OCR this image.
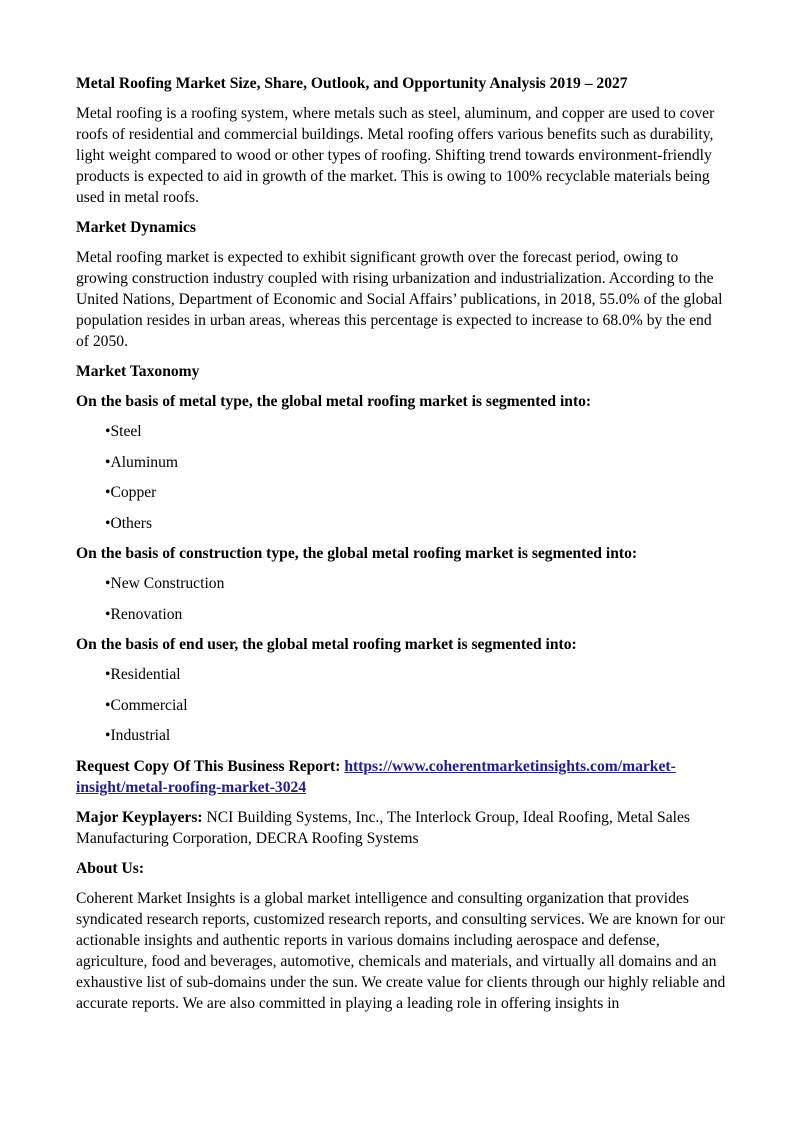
Metal Roofing Market Size, Share, Outlook, and Opportunity Analysis 2019 – 2027

Metal roofing is a roofing system, where metals such as steel, aluminum, and copper are used to cover roofs of residential and commercial buildings. Metal roofing offers various benefits such as durability, light weight compared to wood or other types of roofing. Shifting trend towards environment-friendly products is expected to aid in growth of the market. This is owing to 100% recyclable materials being used in metal roofs.

Market Dynamics

Metal roofing market is expected to exhibit significant growth over the forecast period, owing to growing construction industry coupled with rising urbanization and industrialization. According to the United Nations, Department of Economic and Social Affairs’ publications, in 2018, 55.0% of the global population resides in urban areas, whereas this percentage is expected to increase to 68.0% by the end of 2050.

Market Taxonomy
On the basis of metal type, the global metal roofing market is segmented into:
•Steel
•Aluminum
•Copper
•Others
On the basis of construction type, the global metal roofing market is segmented into:
•New Construction
•Renovation
On the basis of end user, the global metal roofing market is segmented into:
•Residential
•Commercial
•Industrial

Request Copy Of This Business Report: https://www.coherentmarketinsights.com/market-insight/metal-roofing-market-3024

Major Keyplayers: NCI Building Systems, Inc., The Interlock Group, Ideal Roofing, Metal Sales Manufacturing Corporation, DECRA Roofing Systems

About Us:

Coherent Market Insights is a global market intelligence and consulting organization that provides syndicated research reports, customized research reports, and consulting services. We are known for our actionable insights and authentic reports in various domains including aerospace and defense, agriculture, food and beverages, automotive, chemicals and materials, and virtually all domains and an exhaustive list of sub-domains under the sun. We create value for clients through our highly reliable and accurate reports. We are also committed in playing a leading role in offering insights in
